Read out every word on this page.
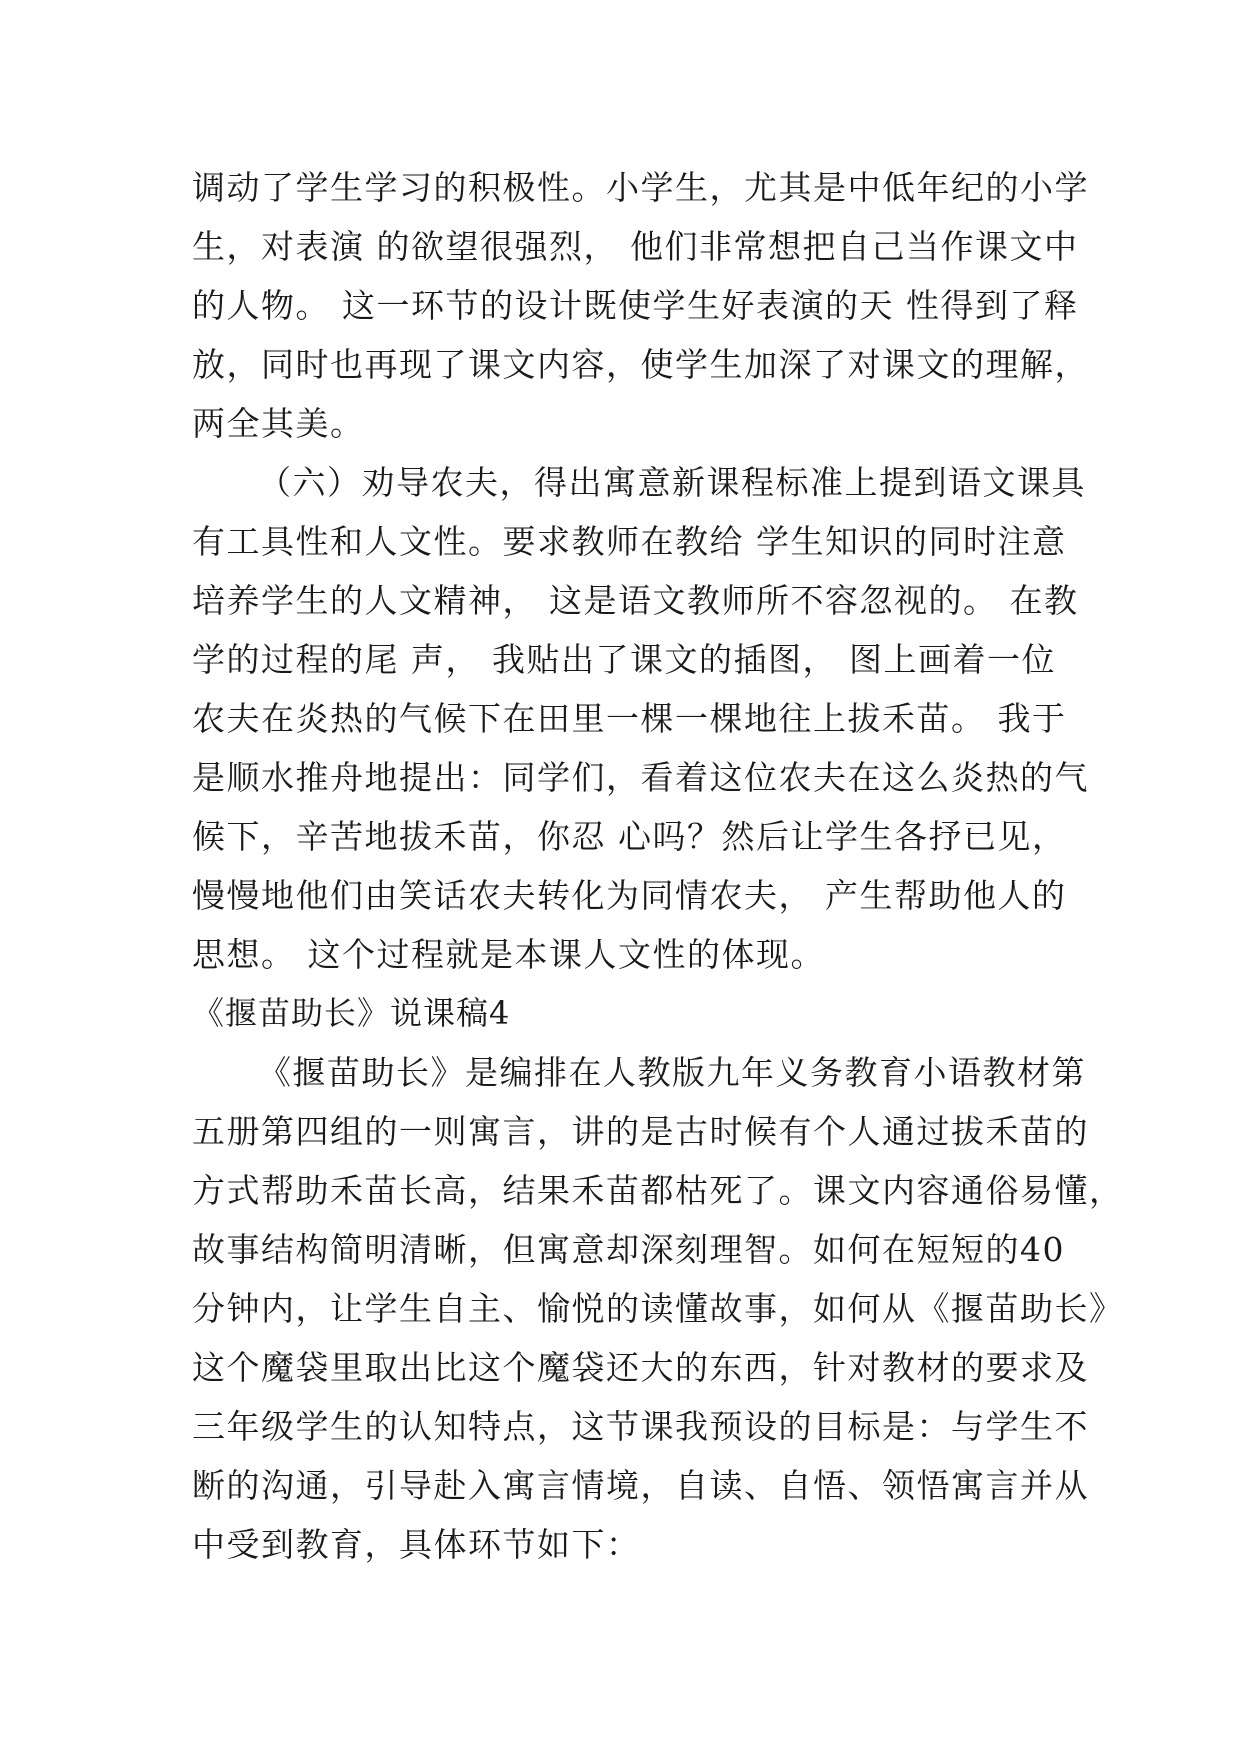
调动了学生学习的积极性。小学生，尤其是中低年纪的小学
生，对表演 的欲望很强烈， 他们非常想把自己当作课文中
的人物。 这一环节的设计既使学生好表演的天 性得到了释
放，同时也再现了课文内容，使学生加深了对课文的理解，
两全其美。
（六）劝导农夫，得出寓意新课程标准上提到语文课具
有工具性和人文性。要求教师在教给 学生知识的同时注意
培养学生的人文精神， 这是语文教师所不容忽视的。 在教
学的过程的尾 声， 我贴出了课文的插图， 图上画着一位
农夫在炎热的气候下在田里一棵一棵地往上拔禾苗。 我于
是顺水推舟地提出：同学们，看着这位农夫在这么炎热的气
候下，辛苦地拔禾苗，你忍 心吗？然后让学生各抒已见，
慢慢地他们由笑话农夫转化为同情农夫， 产生帮助他人的
思想。 这个过程就是本课人文性的体现。
《揠苗助长》说课稿4
《揠苗助长》是编排在人教版九年义务教育小语教材第
五册第四组的一则寓言，讲的是古时候有个人通过拔禾苗的
方式帮助禾苗长高，结果禾苗都枯死了。课文内容通俗易懂，
故事结构简明清晰，但寓意却深刻理智。如何在短短的40
分钟内，让学生自主、愉悦的读懂故事，如何从《揠苗助长》
这个魔袋里取出比这个魔袋还大的东西，针对教材的要求及
三年级学生的认知特点，这节课我预设的目标是：与学生不
断的沟通，引导赴入寓言情境，自读、自悟、领悟寓言并从
中受到教育，具体环节如下：
